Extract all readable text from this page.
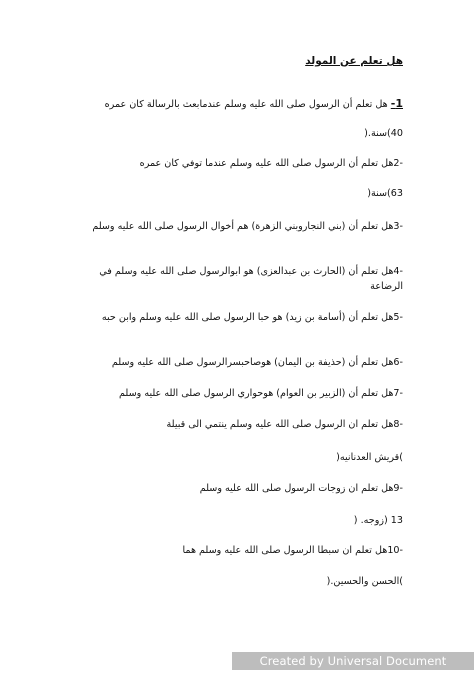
هل تعلم عن المولد
1- هل تعلم أن الرسول صلى الله عليه وسلم عندمابعث بالرسالة كان عمره
40)سنة.(
-2هل تعلم أن الرسول صلى الله عليه وسلم عندما توفي كان عمره
63)سنة(
-3هل تعلم أن (بني النجاروبني الزهرة) هم أخوال الرسول صلى الله عليه وسلم
-4هل تعلم أن (الحارث بن عبدالعزى) هو ابوالرسول صلى الله عليه وسلم في الرضاعة
-5هل تعلم أن (أسامة بن زيد) هو حبا الرسول صلى الله عليه وسلم وابن حبه
-6هل تعلم أن (حذيفة بن اليمان) هوصاحبسرالرسول صلى الله عليه وسلم
-7هل تعلم أن (الزبير بن العوام) هوحواري الرسول صلى الله عليه وسلم
-8هل تعلم ان الرسول صلى الله عليه وسلم ينتمي الى قبيلة
)قريش العدنانيه(
-9هل تعلم ان زوجات الرسول صلى الله عليه وسلم
13 (زوجه. (
-10هل تعلم ان سبطا الرسول صلى الله عليه وسلم هما
)الحسن والحسين.(
Created by Universal Document Converter
